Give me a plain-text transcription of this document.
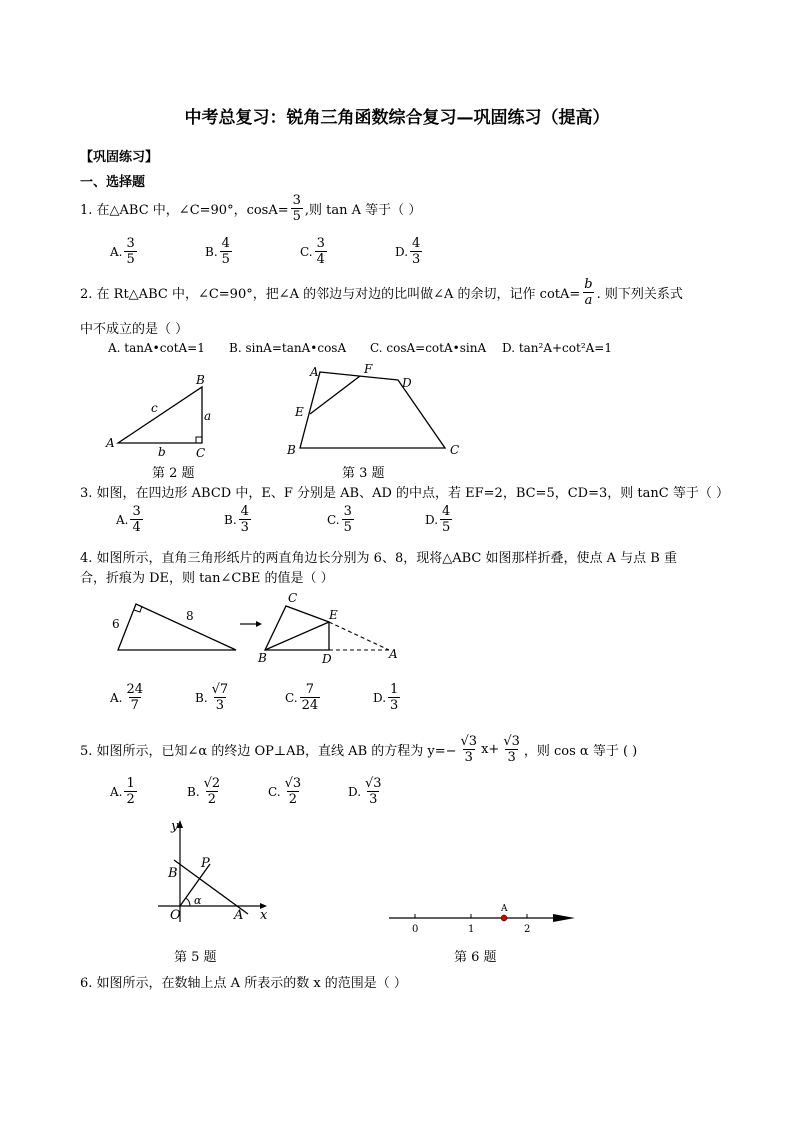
中考总复习：锐角三角函数综合复习—巩固练习（提高）
【巩固练习】
一、选择题
1. 在△ABC 中，∠C=90°，$\cos A= \frac{3}{5}$ ,则 tan A 等于（ ）
A. $\frac{3}{5}$	B. $\frac{4}{5}$	C. $\frac{3}{4}$	D. $\frac{4}{3}$
2. 在 Rt△ABC 中，∠C=90°，把∠A 的邻边与对边的比叫做∠A 的余切，记作 $\cot A= \frac{b}{a}$ . 则下列关系式
中不成立的是（ ）
A. tanA•cotA=1 B. sinA=tanA•cosA C. cosA=cotA•sinA D. tan²A+cot²A=1
A
B
C
c
a
b
第 2 题
A	F
D
E
B	C
第 3 题
3. 如图，在四边形 ABCD 中，E、F 分别是 AB、AD 的中点，若 EF=2，BC=5，CD=3，则 tanC 等于（ ）
A. $\frac{3}{4}$	B. $\frac{4}{3}$	C. $\frac{3}{5}$	D. $\frac{4}{5}$
4. 如图所示，直角三角形纸片的两直角边长分别为 6、8，现将△ABC 如图那样折叠，使点 A 与点 B 重
合，折痕为 DE，则 tan∠CBE 的值是（ ）
6
8
C
E
B	D	A
A. $\frac{24}{7}$	B. $\frac{√7}{3}$	C. $\frac{7}{24}$	D. $\frac{1}{3}$
5. 如图所示，已知∠α 的终边 OP⊥AB，直线 AB 的方程为 $y=- \frac{√3}{3} x+ \frac{√3}{3}$ ，则 cos α 等于 ( )
A. $\frac{1}{2}$	B. $\frac{√2}{2}$	C. $\frac{√3}{2}$	D. $\frac{√3}{3}$
y
x
O	A
B
P
α
第 5 题
0	1	2
A
第 6 题
6. 如图所示，在数轴上点 A 所表示的数 x 的范围是（ ）
